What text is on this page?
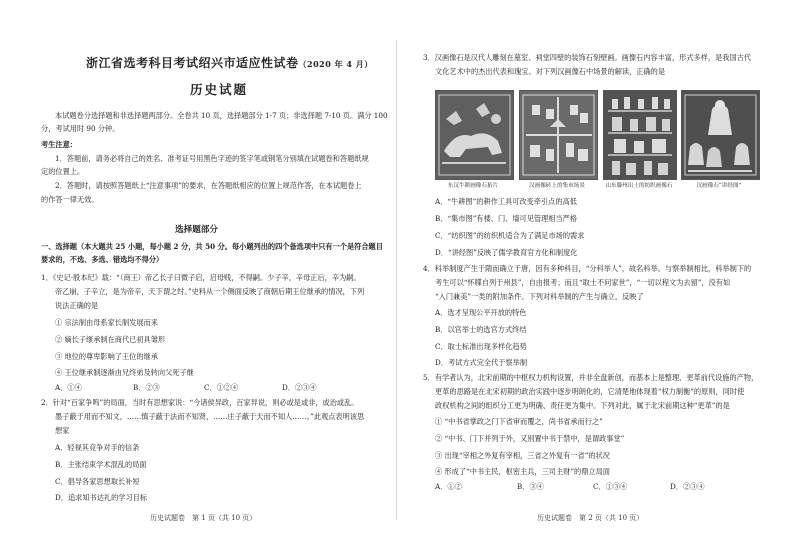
浙江省选考科目考试绍兴市适应性试卷（2020 年 4 月）
历史试题
本试题卷分选择题和非选择题两部分。全卷共 10 页，选择题部分 1-7 页；非选择题 7-10 页。满分 100
分，考试用时 90 分钟。
考生注意：
1．答题前，请务必将自己的姓名、准考证号用黑色字迹的签字笔或钢笔分别填在试题卷和答题纸规
定的位置上。
2．答题时，请按照答题纸上“注意事项”的要求，在答题纸相应的位置上规范作答，在本试题卷上
的作答一律无效。
选择题部分
一、选择题（本大题共 25 小题，每小题 2 分，共 50 分。每小题列出的四个备选项中只有一个是符合题目
要求的，不选、多选、错选均不得分）
1．《史记·殷本纪》载：“（商王）帝乙长子曰微子启，启母贱，不得嗣。少子辛，辛母正后，辛为嗣。
帝乙崩，子辛立，是为帝辛，天下谓之纣。”史料从一个侧面反映了商朝后期王位继承的情况，下列
说法正确的是
① 宗法制由母系家长制发展而来
② 嫡长子继承制在商代已初具雏形
③ 地位的尊卑影响了王位的继承
④ 王位继承制逐渐由兄终弟及转向父死子继
A．①④	B．②③	C．①②④	D．②③④
2．针对“百家争鸣”的局面，当时有思想家说：“今诸侯异政，百家异说，则必或是或非，或治或乱。
墨子蔽于用而不知文，……慎子蔽于法而不知贤，……庄子蔽于天而不知人……。”此观点表明该思
想家
A．轻视其竞争对手的信条
B．主张结束学术混乱的局面
C．倡导各家思想取长补短
D．追求知书达礼的学习目标
历史试题卷　第 1 页（共 10 页）
3．汉画像石是汉代人雕刻在墓室、祠堂四壁的装饰石刻壁画。画像石内容丰富，形式多样，是我国古代
文化艺术中的杰出代表和瑰宝。对下列汉画像石中场景的解读，正确的是
东汉牛耕画像石拓片	汉画像砖上的集市场景	山东滕州出土的纺织画像石	汉画像石“讲经图”
A．“牛耕图”的耕作工具可改变牵引点的高低
B．“集市图”有楼、门、墙可见管理相当严格
C．“纺织图”的纺织机适合为了满足市场的需求
D．“讲经图”反映了儒学教育官方化和制度化
4．科举制度产生于隋而确立于唐，因有多种科目，“分科举人”，故名科举。与察举制相比，科举制下的
考生可以“怀牒自列于州县”，自由报考；而且“取士不问家世”，“一切以程文为去留”，没有如
“入门兼美”一类的附加条件。下列对科举制的产生与确立，反映了
A．选才呈现公平开放的特色
B．以官举士的选官方式终结
C．取士标准出现多样化趋势
D．考试方式完全代于察举制
5．有学者认为，北宋前期的中枢权力机构设置，并非全盘新创，而基本上是整理、更革前代设施的产物，
更革的思路是在北宋初期的政治实践中逐步明朗化的，它清楚地体现着“权力制衡”的原则，同时使
政权机构之间的组织分工更为明确、责任更为集中。下列对此，属于北宋前期这种“更革”的是
① “中书省掌政之门下省审而覆之，尚书省承而行之”
② “中书、门下并列于外，又别置中书于禁中，是谓政事堂”
③ 出现“宰相之外复有宰相，三省之外复有一省”的状况
④ 形成了“中书主民，枢密主兵，三司主财”的鼎立局面
A．①②	B．③④	C．①③④	D．②③④
历史试题卷　第 2 页（共 10 页）
